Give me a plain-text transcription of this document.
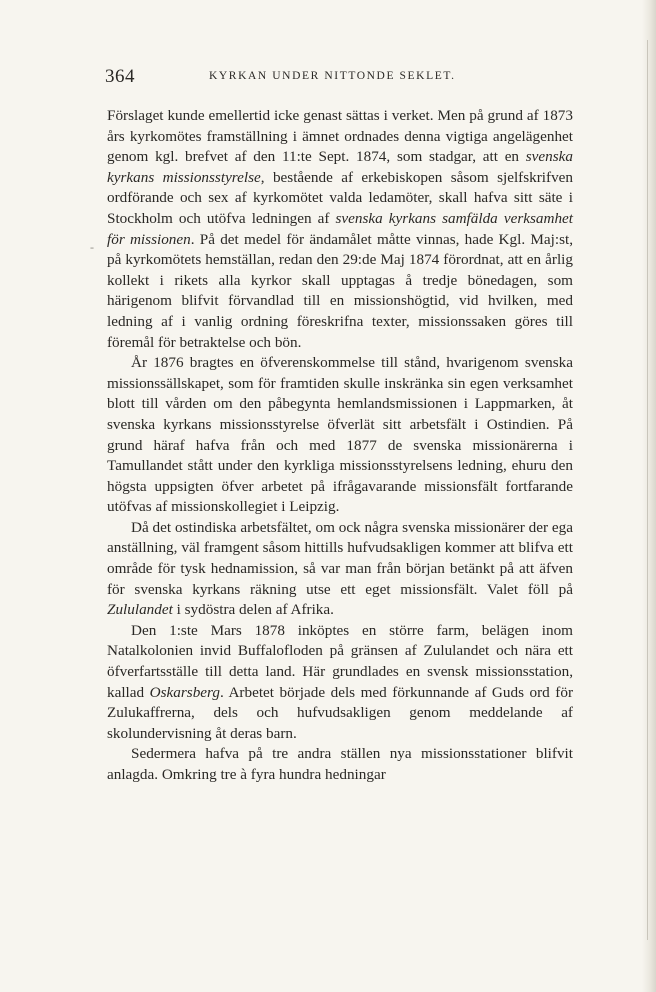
-
364	KYRKAN UNDER NITTONDE SEKLET.

Förslaget kunde emellertid icke genast sättas i verket. Men på grund af 1873 års kyrkomötes framställning i ämnet ordnades denna vigtiga angelägenhet genom kgl. brefvet af den 11:te Sept. 1874, som stadgar, att en svenska kyrkans missionsstyrelse, bestående af erkebiskopen såsom sjelfskrifven ordförande och sex af kyrkomötet valda ledamöter, skall hafva sitt säte i Stockholm och utöfva ledningen af svenska kyrkans samfälda verksamhet för missionen. På det medel för ändamålet måtte vinnas, hade Kgl. Maj:st, på kyrkomötets hemställan, redan den 29:de Maj 1874 förordnat, att en årlig kollekt i rikets alla kyrkor skall upptagas å tredje bönedagen, som härigenom blifvit förvandlad till en missionshögtid, vid hvilken, med ledning af i vanlig ordning föreskrifna texter, missionssaken göres till föremål för betraktelse och bön.

År 1876 bragtes en öfverenskommelse till stånd, hvarigenom svenska missionssällskapet, som för framtiden skulle inskränka sin egen verksamhet blott till vården om den påbegynta hemlandsmissionen i Lappmarken, åt svenska kyrkans missionsstyrelse öfverlät sitt arbetsfält i Ostindien. På grund häraf hafva från och med 1877 de svenska missionärerna i Tamullandet stått under den kyrkliga missionsstyrelsens ledning, ehuru den högsta uppsigten öfver arbetet på ifrågavarande missionsfält fortfarande utöfvas af missionskollegiet i Leipzig.

Då det ostindiska arbetsfältet, om ock några svenska missionärer der ega anställning, väl framgent såsom hittills hufvudsakligen kommer att blifva ett område för tysk hednamission, så var man från början betänkt på att äfven för svenska kyrkans räkning utse ett eget missionsfält. Valet föll på Zululandet i sydöstra delen af Afrika.

Den 1:ste Mars 1878 inköptes en större farm, belägen inom Natalkolonien invid Buffalofloden på gränsen af Zululandet och nära ett öfverfartsställe till detta land. Här grundlades en svensk missionsstation, kallad Oskarsberg. Arbetet började dels med förkunnande af Guds ord för Zulukaffrerna, dels och hufvudsakligen genom meddelande af skolundervisning åt deras barn.

Sedermera hafva på tre andra ställen nya missionsstationer blifvit anlagda. Omkring tre à fyra hundra hedningar
